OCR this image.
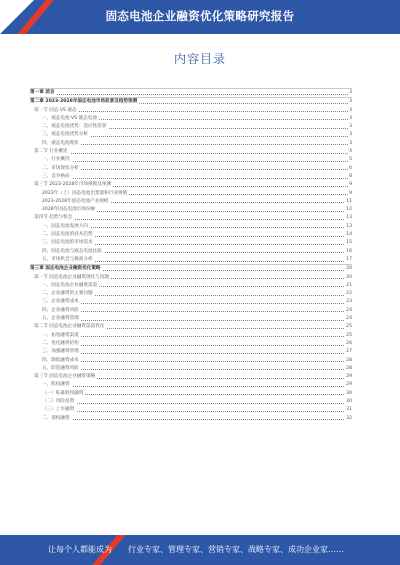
固态电池企业融资优化策略研究报告
内容目录
第一章 前言	3
第二章 2023-2028年固态电池市场前景及趋势预测	3
第一节 固态 VS 液态	3
一、液态电池 VS 液态电池	3
二、液态电池优势：适应性前景	3
三、液态电池优势分析	3
四、液态电池现状	3
第二节 行业概述	4
一、行业概况	5
二、市场现状分析	6
三、竞争格局	8
第三节 2023-2028年市场规模及预测	9
2023年（上）固态电池出货量和行业规模	9
2023-2028年固态电池产业规模	11
2028年固态电池市场份额	12
第四节 趋势与机会	13
一、固态电池发展方向	13
二、固态电池的技术趋势	14
三、固态电池的市场需求	15
四、固态电池与液态电池比较	16
五、市场机会与挑战分析	17
第三章 固态电池企业融资优化策略	20
第一节 固态电池企业融资现状与问题	20
一、固态电池企业融资渠道	21
二、企业融资的主要问题	22
三、企业融资成本	23
四、企业融资风险	24
五、企业融资管理	24
第二节 固态电池企业融资渠道优化	25
一、拓宽融资渠道	25
二、优化融资结构	26
三、加强融资管理	27
四、降低融资成本	28
五、防范融资风险	28
第三节 固态电池企业融资策略	29
一、股权融资	29
（一）私募股权融资	30
（二）风险投资	30
（三）上市融资	31
二、债权融资	32
让每个人都能成为 行业专家、管理专家、营销专家、战略专家、成功企业家……
